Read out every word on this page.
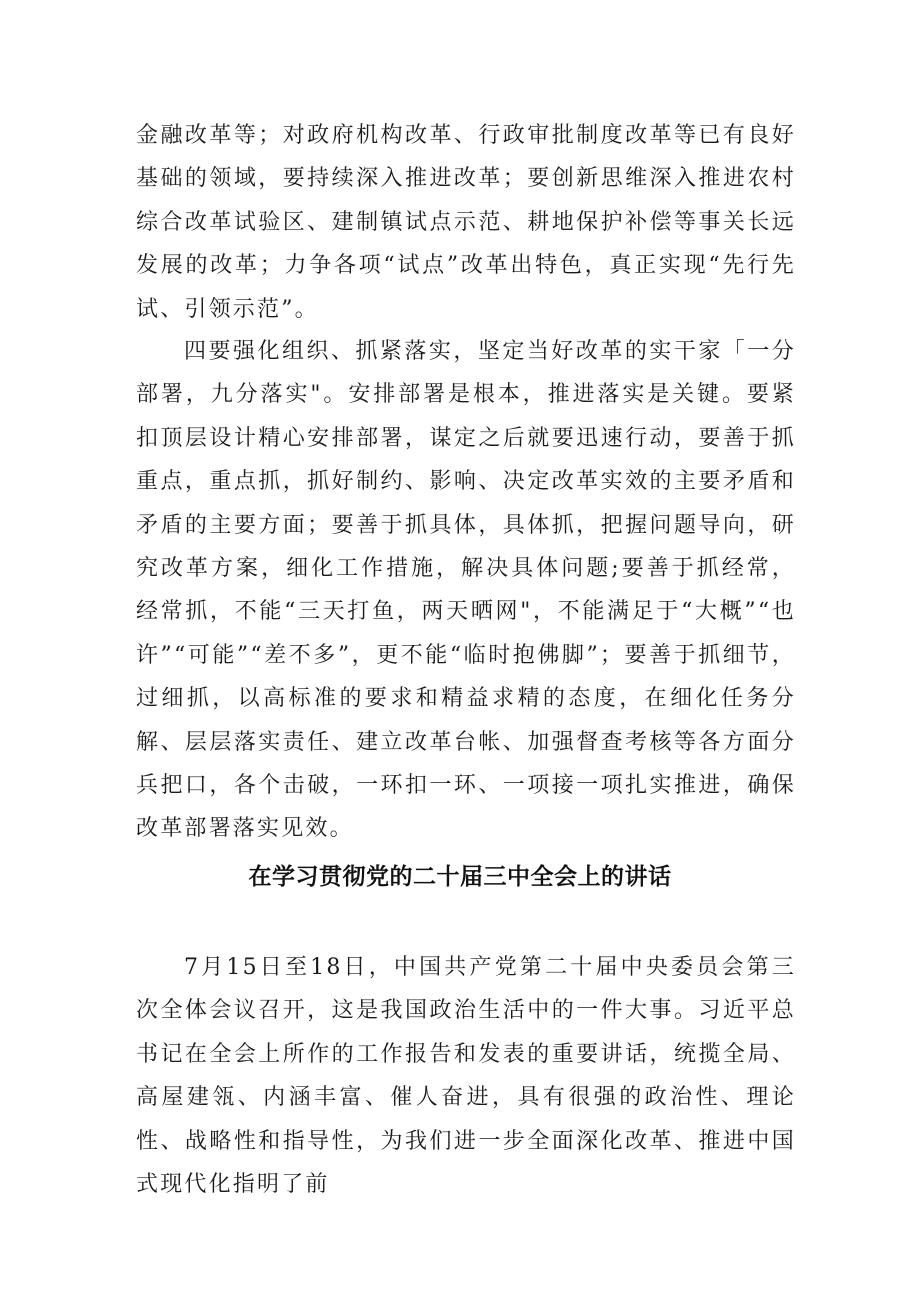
金融改革等；对政府机构改革、行政审批制度改革等已有良好基础的领域，要持续深入推进改革；要创新思维深入推进农村综合改革试验区、建制镇试点示范、耕地保护补偿等事关长远发展的改革；力争各项“试点”改革出特色，真正实现“先行先试、引领示范”。

四要强化组织、抓紧落实，坚定当好改革的实干家「一分部署，九分落实"。安排部署是根本，推进落实是关键。要紧扣顶层设计精心安排部署，谋定之后就要迅速行动，要善于抓重点，重点抓，抓好制约、影响、决定改革实效的主要矛盾和矛盾的主要方面；要善于抓具体，具体抓，把握问题导向，研究改革方案，细化工作措施，解决具体问题;要善于抓经常，经常抓，不能“三天打鱼，两天晒网"，不能满足于“大概”“也许”“可能”“差不多”，更不能“临时抱佛脚”；要善于抓细节，过细抓，以高标准的要求和精益求精的态度，在细化任务分解、层层落实责任、建立改革台帐、加强督查考核等各方面分兵把口，各个击破，一环扣一环、一项接一项扎实推进，确保改革部署落实见效。

在学习贯彻党的二十届三中全会上的讲话

7月15日至18日，中国共产党第二十届中央委员会第三次全体会议召开，这是我国政治生活中的一件大事。习近平总书记在全会上所作的工作报告和发表的重要讲话，统揽全局、高屋建瓴、内涵丰富、催人奋进，具有很强的政治性、理论性、战略性和指导性，为我们进一步全面深化改革、推进中国式现代化指明了前
